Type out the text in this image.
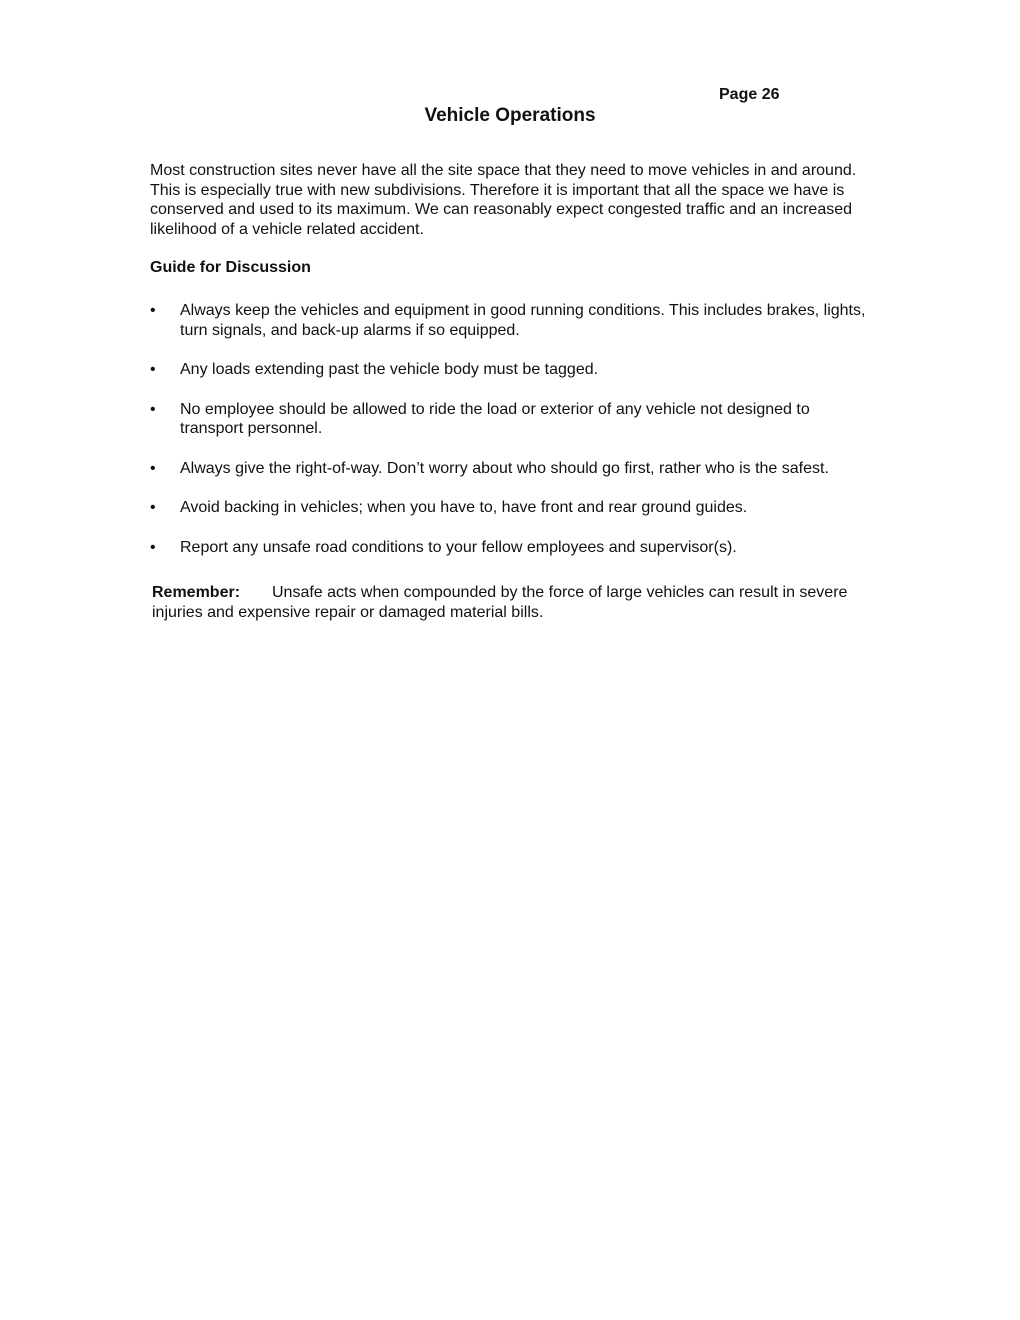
Page 26
Vehicle Operations

Most construction sites never have all the site space that they need to move vehicles in and around. This is especially true with new subdivisions. Therefore it is important that all the space we have is conserved and used to its maximum. We can reasonably expect congested traffic and an increased likelihood of a vehicle related accident.

Guide for Discussion
•	Always keep the vehicles and equipment in good running conditions. This includes brakes, lights, turn signals, and back-up alarms if so equipped.
•	Any loads extending past the vehicle body must be tagged.
•	No employee should be allowed to ride the load or exterior of any vehicle not designed to transport personnel.
•	Always give the right-of-way. Don’t worry about who should go first, rather who is the safest.
•	Avoid backing in vehicles; when you have to, have front and rear ground guides.
•	Report any unsafe road conditions to your fellow employees and supervisor(s).

Remember: Unsafe acts when compounded by the force of large vehicles can result in severe injuries and expensive repair or damaged material bills.
